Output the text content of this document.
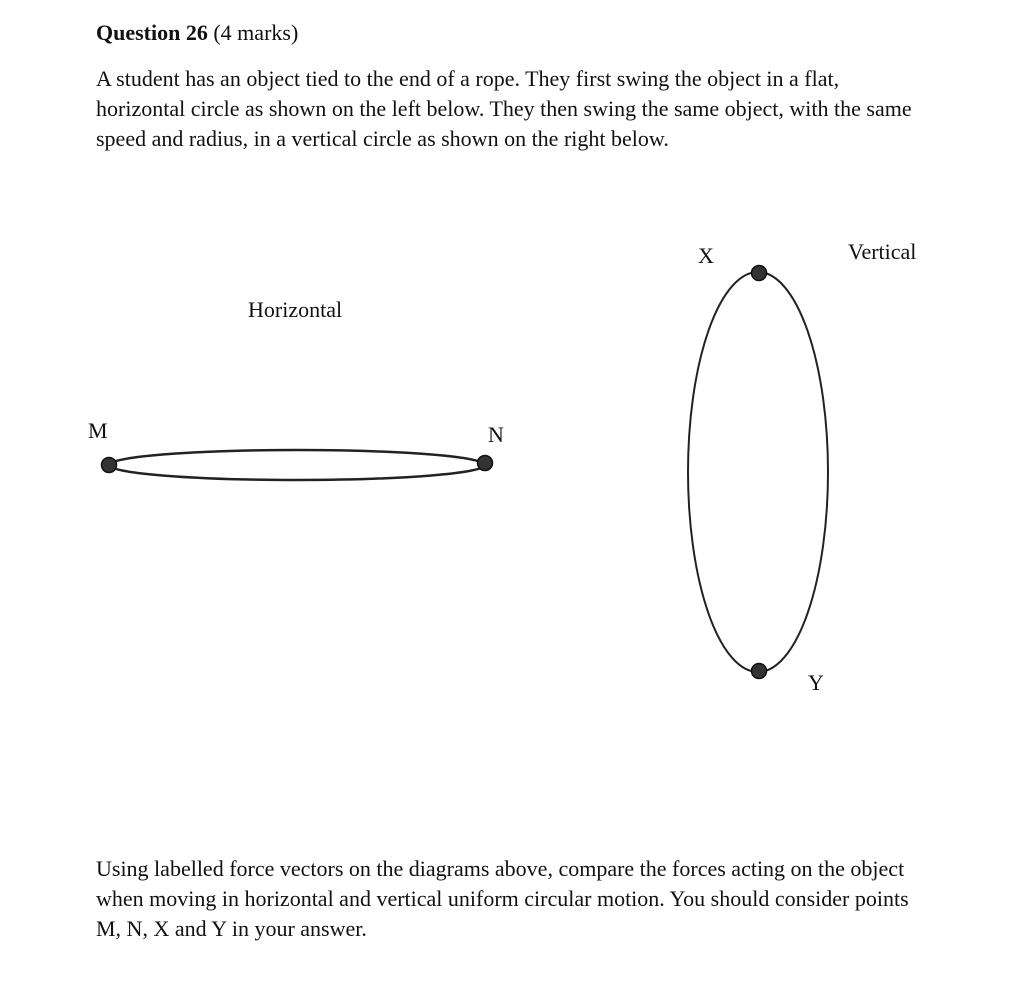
Question 26 (4 marks)
A student has an object tied to the end of a rope. They first swing the object in a flat,
horizontal circle as shown on the left below. They then swing the same object, with the same
speed and radius, in a vertical circle as shown on the right below.
Horizontal
M	N
X	Vertical
Y
Using labelled force vectors on the diagrams above, compare the forces acting on the object
when moving in horizontal and vertical uniform circular motion. You should consider points
M, N, X and Y in your answer.
